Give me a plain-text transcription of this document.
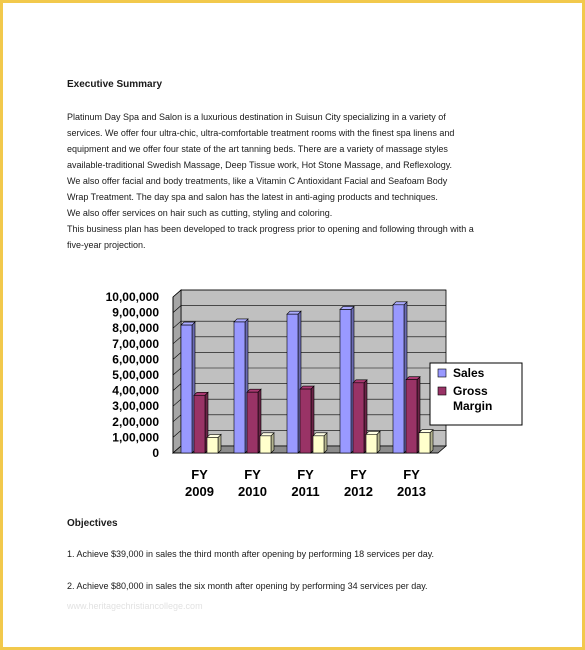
Executive Summary
Platinum Day Spa and Salon is a luxurious destination in Suisun City specializing in a variety of
services. We offer four ultra-chic, ultra-comfortable treatment rooms with the finest spa linens and
equipment and we offer four state of the art tanning beds. There are a variety of massage styles
available-traditional Swedish Massage, Deep Tissue work, Hot Stone Massage, and Reflexology.
We also offer facial and body treatments, like a Vitamin C Antioxidant Facial and Seafoam Body
Wrap Treatment. The day spa and salon has the latest in anti-aging products and techniques.
We also offer services on hair such as cutting, styling and coloring.
This business plan has been developed to track progress prior to opening and following through with a
five-year projection.
0
1,00,000
2,00,000
3,00,000
4,00,000
5,00,000
6,00,000
7,00,000
8,00,000
9,00,000
10,00,000
FY 2009
FY 2010
FY 2011
FY 2012
FY 2013
Sales
Gross Margin
Objectives
1. Achieve $39,000 in sales the third month after opening by performing 18 services per day.
2. Achieve $80,000 in sales the six month after opening by performing 34 services per day.
www.heritagechristiancollege.com
